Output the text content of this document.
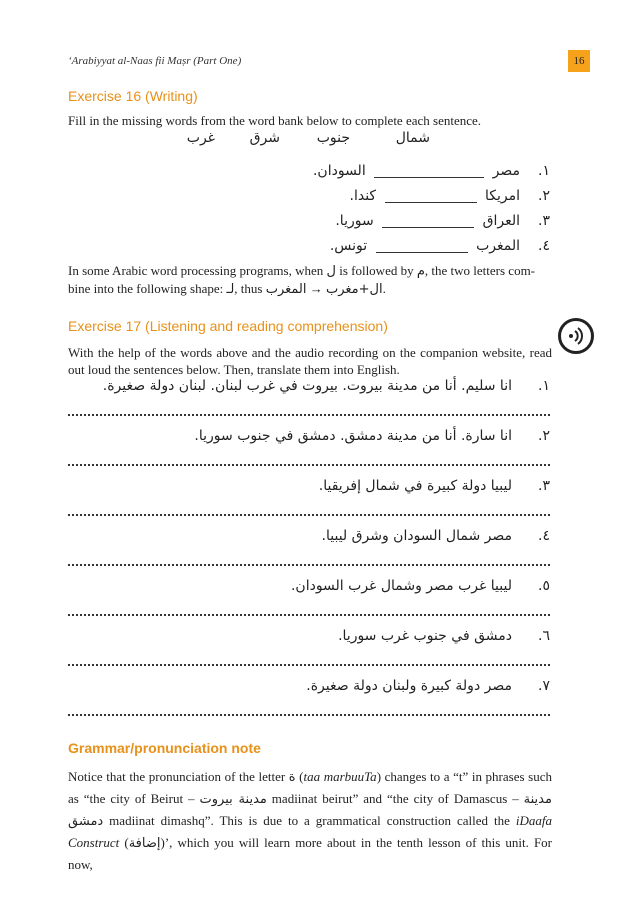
ʻArabiyyat al-Naas fii Maṣr (Part One)	16
Exercise 16 (Writing)
Fill in the missing words from the word bank below to complete each sentence.
شمال
جنوب
شرق
غرب
١.
مصر  السودان.
٢.
امريكا  كندا.
٣.
العراق  سوريا.
٤.
المغرب  تونس.
In some Arabic word processing programs, when ل is followed by م, the two letters com-
bine into the following shape: لـ, thus	ال+مغرب → المغرب	.
Exercise 17 (Listening and reading comprehension)
With the help of the words above and the audio recording on the companion website, read out loud the sentences below. Then, translate them into English.
١.
انا سليم. أنا من مدينة بيروت. بيروت في غرب لبنان. لبنان دولة صغيرة.
٢.
انا سارة. أنا من مدينة دمشق. دمشق في جنوب سوريا.
٣.
ليبيا دولة كبيرة في شمال إفريقيا.
٤.
مصر شمال السودان وشرق ليبيا.
٥.
ليبيا غرب مصر وشمال غرب السودان.
٦.
دمشق في جنوب غرب سوريا.
٧.
مصر دولة كبيرة ولبنان دولة صغيرة.
Grammar/pronunciation note
Notice that the pronunciation of the letter ة (taa marbuuTa) changes to a “t” in phrases such as “the city of Beirut – مدينة بيروت madiinat beirut” and “the city of Damascus – مدينة دمشق madiinat dimashq”. This is due to a grammatical construction called the iDaafa Construct (إضافة)’, which you will learn more about in the tenth lesson of this unit. For now,
